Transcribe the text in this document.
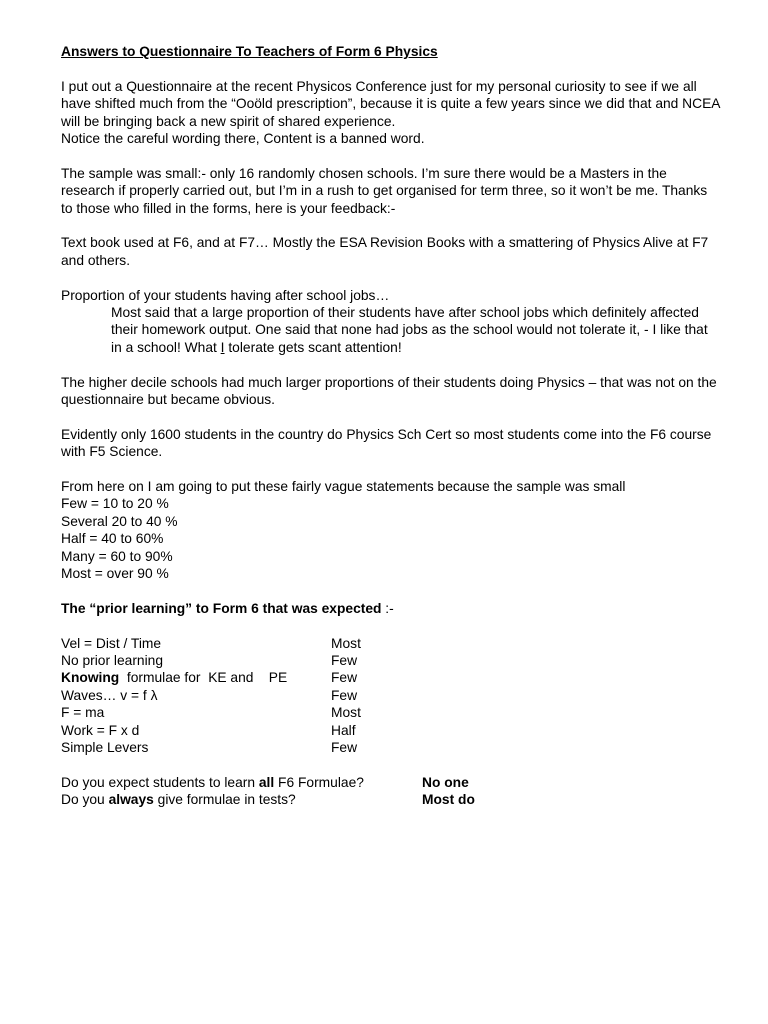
Answers to Questionnaire To Teachers of Form 6 Physics

I put out a Questionnaire at the recent Physicos Conference just for my personal curiosity to see if we all have shifted much from the “Ooöld prescription”, because it is quite a few years since we did that and NCEA will be bringing back a new spirit of shared experience.

Notice the careful wording there, Content is a banned word.

The sample was small:- only 16 randomly chosen schools. I’m sure there would be a Masters in the research if properly carried out, but I’m in a rush to get organised for term three, so it won’t be me. Thanks to those who filled in the forms, here is your feedback:-

Text book used at F6, and at F7… Mostly the ESA Revision Books with a smattering of Physics Alive at F7 and others.

Proportion of your students having after school jobs…

Most said that a large proportion of their students have after school jobs which definitely affected their homework output. One said that none had jobs as the school would not tolerate it, - I like that in a school! What I tolerate gets scant attention!

The higher decile schools had much larger proportions of their students doing Physics – that was not on the questionnaire but became obvious.

Evidently only 1600 students in the country do Physics Sch Cert so most students come into the F6 course with F5 Science.

From here on I am going to put these fairly vague statements because the sample was small

Few = 10 to 20 %

Several 20 to 40 %

Half = 40 to 60%

Many = 60 to 90%

Most = over 90 %

The “prior learning” to Form 6 that was expected :-

Vel = Dist / Time	Most
No prior learning	Few
Knowing  formulae for  KE and    PE	Few
Waves… v = f λ	Few
F = ma	Most
Work = F x d	Half
Simple Levers	Few
Do you expect students to learn all F6 Formulae?	No one
Do you always give formulae in tests?	Most do
